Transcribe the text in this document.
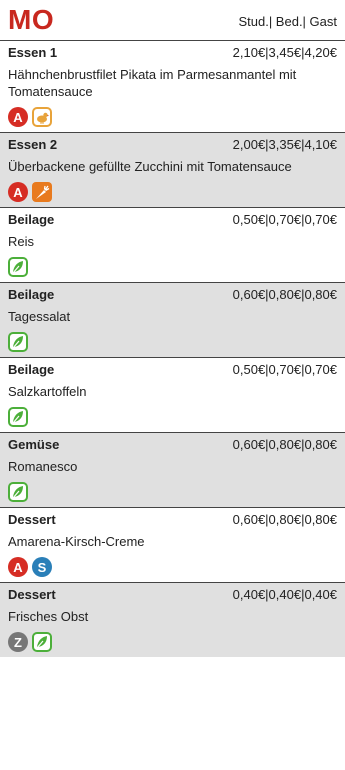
MO	Stud.| Bed.| Gast
Essen 1	2,10€|3,45€|4,20€
Hähnchenbrustfilet Pikata im Parmesanmantel mit Tomatensauce
A
Essen 2	2,00€|3,35€|4,10€
Überbackene gefüllte Zucchini mit Tomatensauce
A
Beilage	0,50€|0,70€|0,70€
Reis
Beilage	0,60€|0,80€|0,80€
Tagessalat
Beilage	0,50€|0,70€|0,70€
Salzkartoffeln
Gemüse	0,60€|0,80€|0,80€
Romanesco
Dessert	0,60€|0,80€|0,80€
Amarena-Kirsch-Creme
A	S
Dessert	0,40€|0,40€|0,40€
Frisches Obst
Z
